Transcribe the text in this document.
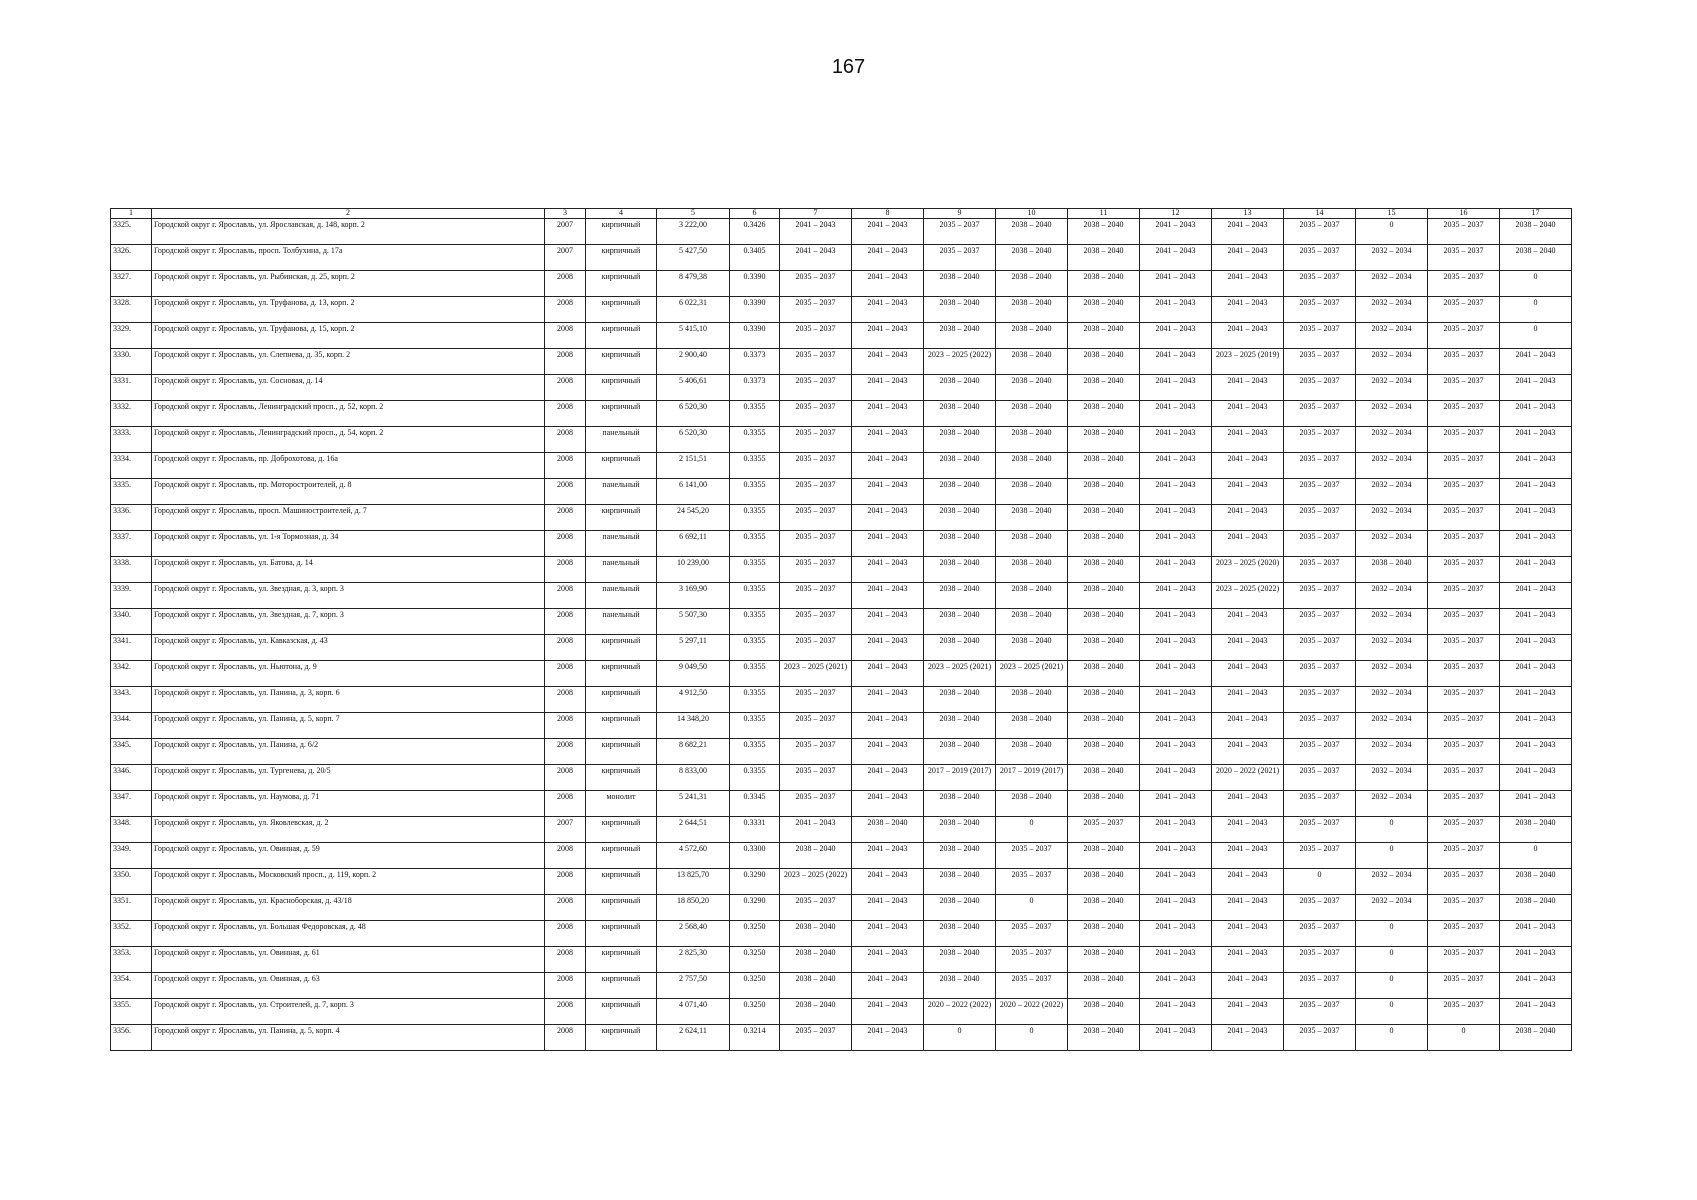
167
1	2	3	4	5	6	7	8	9	10	11	12	13	14	15	16	17
3325.	Городской округ г. Ярославль, ул. Ярославская, д. 148, корп. 2	2007	кирпичный	3 222,00	0.3426	2041 – 2043	2041 – 2043	2035 – 2037	2038 – 2040	2038 – 2040	2041 – 2043	2041 – 2043	2035 – 2037	0	2035 – 2037	2038 – 2040
3326.	Городской округ г. Ярославль, просп. Толбухина, д. 17а	2007	кирпичный	5 427,50	0.3405	2041 – 2043	2041 – 2043	2035 – 2037	2038 – 2040	2038 – 2040	2041 – 2043	2041 – 2043	2035 – 2037	2032 – 2034	2035 – 2037	2038 – 2040
3327.	Городской округ г. Ярославль, ул. Рыбинская, д. 25, корп. 2	2008	кирпичный	8 479,38	0.3390	2035 – 2037	2041 – 2043	2038 – 2040	2038 – 2040	2038 – 2040	2041 – 2043	2041 – 2043	2035 – 2037	2032 – 2034	2035 – 2037	0
3328.	Городской округ г. Ярославль, ул. Труфанова, д. 13, корп. 2	2008	кирпичный	6 022,31	0.3390	2035 – 2037	2041 – 2043	2038 – 2040	2038 – 2040	2038 – 2040	2041 – 2043	2041 – 2043	2035 – 2037	2032 – 2034	2035 – 2037	0
3329.	Городской округ г. Ярославль, ул. Труфанова, д. 15, корп. 2	2008	кирпичный	5 415,10	0.3390	2035 – 2037	2041 – 2043	2038 – 2040	2038 – 2040	2038 – 2040	2041 – 2043	2041 – 2043	2035 – 2037	2032 – 2034	2035 – 2037	0
3330.	Городской округ г. Ярославль, ул. Слепнева, д. 35, корп. 2	2008	кирпичный	2 900,40	0.3373	2035 – 2037	2041 – 2043	2023 – 2025 (2022)	2038 – 2040	2038 – 2040	2041 – 2043	2023 – 2025 (2019)	2035 – 2037	2032 – 2034	2035 – 2037	2041 – 2043
3331.	Городской округ г. Ярославль, ул. Сосновая, д. 14	2008	кирпичный	5 406,61	0.3373	2035 – 2037	2041 – 2043	2038 – 2040	2038 – 2040	2038 – 2040	2041 – 2043	2041 – 2043	2035 – 2037	2032 – 2034	2035 – 2037	2041 – 2043
3332.	Городской округ г. Ярославль, Ленинградский просп., д. 52, корп. 2	2008	кирпичный	6 520,30	0.3355	2035 – 2037	2041 – 2043	2038 – 2040	2038 – 2040	2038 – 2040	2041 – 2043	2041 – 2043	2035 – 2037	2032 – 2034	2035 – 2037	2041 – 2043
3333.	Городской округ г. Ярославль, Ленинградский просп., д. 54, корп. 2	2008	панельный	6 520,30	0.3355	2035 – 2037	2041 – 2043	2038 – 2040	2038 – 2040	2038 – 2040	2041 – 2043	2041 – 2043	2035 – 2037	2032 – 2034	2035 – 2037	2041 – 2043
3334.	Городской округ г. Ярославль, пр. Доброхотова, д. 16а	2008	кирпичный	2 151,51	0.3355	2035 – 2037	2041 – 2043	2038 – 2040	2038 – 2040	2038 – 2040	2041 – 2043	2041 – 2043	2035 – 2037	2032 – 2034	2035 – 2037	2041 – 2043
3335.	Городской округ г. Ярославль, пр. Моторостроителей, д. 8	2008	панельный	6 141,00	0.3355	2035 – 2037	2041 – 2043	2038 – 2040	2038 – 2040	2038 – 2040	2041 – 2043	2041 – 2043	2035 – 2037	2032 – 2034	2035 – 2037	2041 – 2043
3336.	Городской округ г. Ярославль, просп. Машиностроителей, д. 7	2008	кирпичный	24 545,20	0.3355	2035 – 2037	2041 – 2043	2038 – 2040	2038 – 2040	2038 – 2040	2041 – 2043	2041 – 2043	2035 – 2037	2032 – 2034	2035 – 2037	2041 – 2043
3337.	Городской округ г. Ярославль, ул. 1-я Тормозная, д. 34	2008	панельный	6 692,11	0.3355	2035 – 2037	2041 – 2043	2038 – 2040	2038 – 2040	2038 – 2040	2041 – 2043	2041 – 2043	2035 – 2037	2032 – 2034	2035 – 2037	2041 – 2043
3338.	Городской округ г. Ярославль, ул. Батова, д. 14	2008	панельный	10 239,00	0.3355	2035 – 2037	2041 – 2043	2038 – 2040	2038 – 2040	2038 – 2040	2041 – 2043	2023 – 2025 (2020)	2035 – 2037	2038 – 2040	2035 – 2037	2041 – 2043
3339.	Городской округ г. Ярославль, ул. Звездная, д. 3, корп. 3	2008	панельный	3 169,90	0.3355	2035 – 2037	2041 – 2043	2038 – 2040	2038 – 2040	2038 – 2040	2041 – 2043	2023 – 2025 (2022)	2035 – 2037	2032 – 2034	2035 – 2037	2041 – 2043
3340.	Городской округ г. Ярославль, ул. Звездная, д. 7, корп. 3	2008	панельный	5 507,30	0.3355	2035 – 2037	2041 – 2043	2038 – 2040	2038 – 2040	2038 – 2040	2041 – 2043	2041 – 2043	2035 – 2037	2032 – 2034	2035 – 2037	2041 – 2043
3341.	Городской округ г. Ярославль, ул. Кавказская, д. 43	2008	кирпичный	5 297,11	0.3355	2035 – 2037	2041 – 2043	2038 – 2040	2038 – 2040	2038 – 2040	2041 – 2043	2041 – 2043	2035 – 2037	2032 – 2034	2035 – 2037	2041 – 2043
3342.	Городской округ г. Ярославль, ул. Ньютона, д. 9	2008	кирпичный	9 049,50	0.3355	2023 – 2025 (2021)	2041 – 2043	2023 – 2025 (2021)	2023 – 2025 (2021)	2038 – 2040	2041 – 2043	2041 – 2043	2035 – 2037	2032 – 2034	2035 – 2037	2041 – 2043
3343.	Городской округ г. Ярославль, ул. Панина, д. 3, корп. 6	2008	кирпичный	4 912,50	0.3355	2035 – 2037	2041 – 2043	2038 – 2040	2038 – 2040	2038 – 2040	2041 – 2043	2041 – 2043	2035 – 2037	2032 – 2034	2035 – 2037	2041 – 2043
3344.	Городской округ г. Ярославль, ул. Панина, д. 5, корп. 7	2008	кирпичный	14 348,20	0.3355	2035 – 2037	2041 – 2043	2038 – 2040	2038 – 2040	2038 – 2040	2041 – 2043	2041 – 2043	2035 – 2037	2032 – 2034	2035 – 2037	2041 – 2043
3345.	Городской округ г. Ярославль, ул. Панина, д. 6/2	2008	кирпичный	8 682,21	0.3355	2035 – 2037	2041 – 2043	2038 – 2040	2038 – 2040	2038 – 2040	2041 – 2043	2041 – 2043	2035 – 2037	2032 – 2034	2035 – 2037	2041 – 2043
3346.	Городской округ г. Ярославль, ул. Тургенева, д. 20/5	2008	кирпичный	8 833,00	0.3355	2035 – 2037	2041 – 2043	2017 – 2019 (2017)	2017 – 2019 (2017)	2038 – 2040	2041 – 2043	2020 – 2022 (2021)	2035 – 2037	2032 – 2034	2035 – 2037	2041 – 2043
3347.	Городской округ г. Ярославль, ул. Наумова, д. 71	2008	монолит	5 241,31	0.3345	2035 – 2037	2041 – 2043	2038 – 2040	2038 – 2040	2038 – 2040	2041 – 2043	2041 – 2043	2035 – 2037	2032 – 2034	2035 – 2037	2041 – 2043
3348.	Городской округ г. Ярославль, ул. Яковлевская, д. 2	2007	кирпичный	2 644,51	0.3331	2041 – 2043	2038 – 2040	2038 – 2040	0	2035 – 2037	2041 – 2043	2041 – 2043	2035 – 2037	0	2035 – 2037	2038 – 2040
3349.	Городской округ г. Ярославль, ул. Овинная, д. 59	2008	кирпичный	4 572,60	0.3300	2038 – 2040	2041 – 2043	2038 – 2040	2035 – 2037	2038 – 2040	2041 – 2043	2041 – 2043	2035 – 2037	0	2035 – 2037	0
3350.	Городской округ г. Ярославль, Московский просп., д. 119, корп. 2	2008	кирпичный	13 825,70	0.3290	2023 – 2025 (2022)	2041 – 2043	2038 – 2040	2035 – 2037	2038 – 2040	2041 – 2043	2041 – 2043	0	2032 – 2034	2035 – 2037	2038 – 2040
3351.	Городской округ г. Ярославль, ул. Красноборская, д. 43/18	2008	кирпичный	18 850,20	0.3290	2035 – 2037	2041 – 2043	2038 – 2040	0	2038 – 2040	2041 – 2043	2041 – 2043	2035 – 2037	2032 – 2034	2035 – 2037	2038 – 2040
3352.	Городской округ г. Ярославль, ул. Большая Федоровская, д. 48	2008	кирпичный	2 568,40	0.3250	2038 – 2040	2041 – 2043	2038 – 2040	2035 – 2037	2038 – 2040	2041 – 2043	2041 – 2043	2035 – 2037	0	2035 – 2037	2041 – 2043
3353.	Городской округ г. Ярославль, ул. Овинная, д. 61	2008	кирпичный	2 825,30	0.3250	2038 – 2040	2041 – 2043	2038 – 2040	2035 – 2037	2038 – 2040	2041 – 2043	2041 – 2043	2035 – 2037	0	2035 – 2037	2041 – 2043
3354.	Городской округ г. Ярославль, ул. Овинная, д. 63	2008	кирпичный	2 757,50	0.3250	2038 – 2040	2041 – 2043	2038 – 2040	2035 – 2037	2038 – 2040	2041 – 2043	2041 – 2043	2035 – 2037	0	2035 – 2037	2041 – 2043
3355.	Городской округ г. Ярославль, ул. Строителей, д. 7, корп. 3	2008	кирпичный	4 071,40	0.3250	2038 – 2040	2041 – 2043	2020 – 2022 (2022)	2020 – 2022 (2022)	2038 – 2040	2041 – 2043	2041 – 2043	2035 – 2037	0	2035 – 2037	2041 – 2043
3356.	Городской округ г. Ярославль, ул. Панина, д. 5, корп. 4	2008	кирпичный	2 624,11	0.3214	2035 – 2037	2041 – 2043	0	0	2038 – 2040	2041 – 2043	2041 – 2043	2035 – 2037	0	0	2038 – 2040
